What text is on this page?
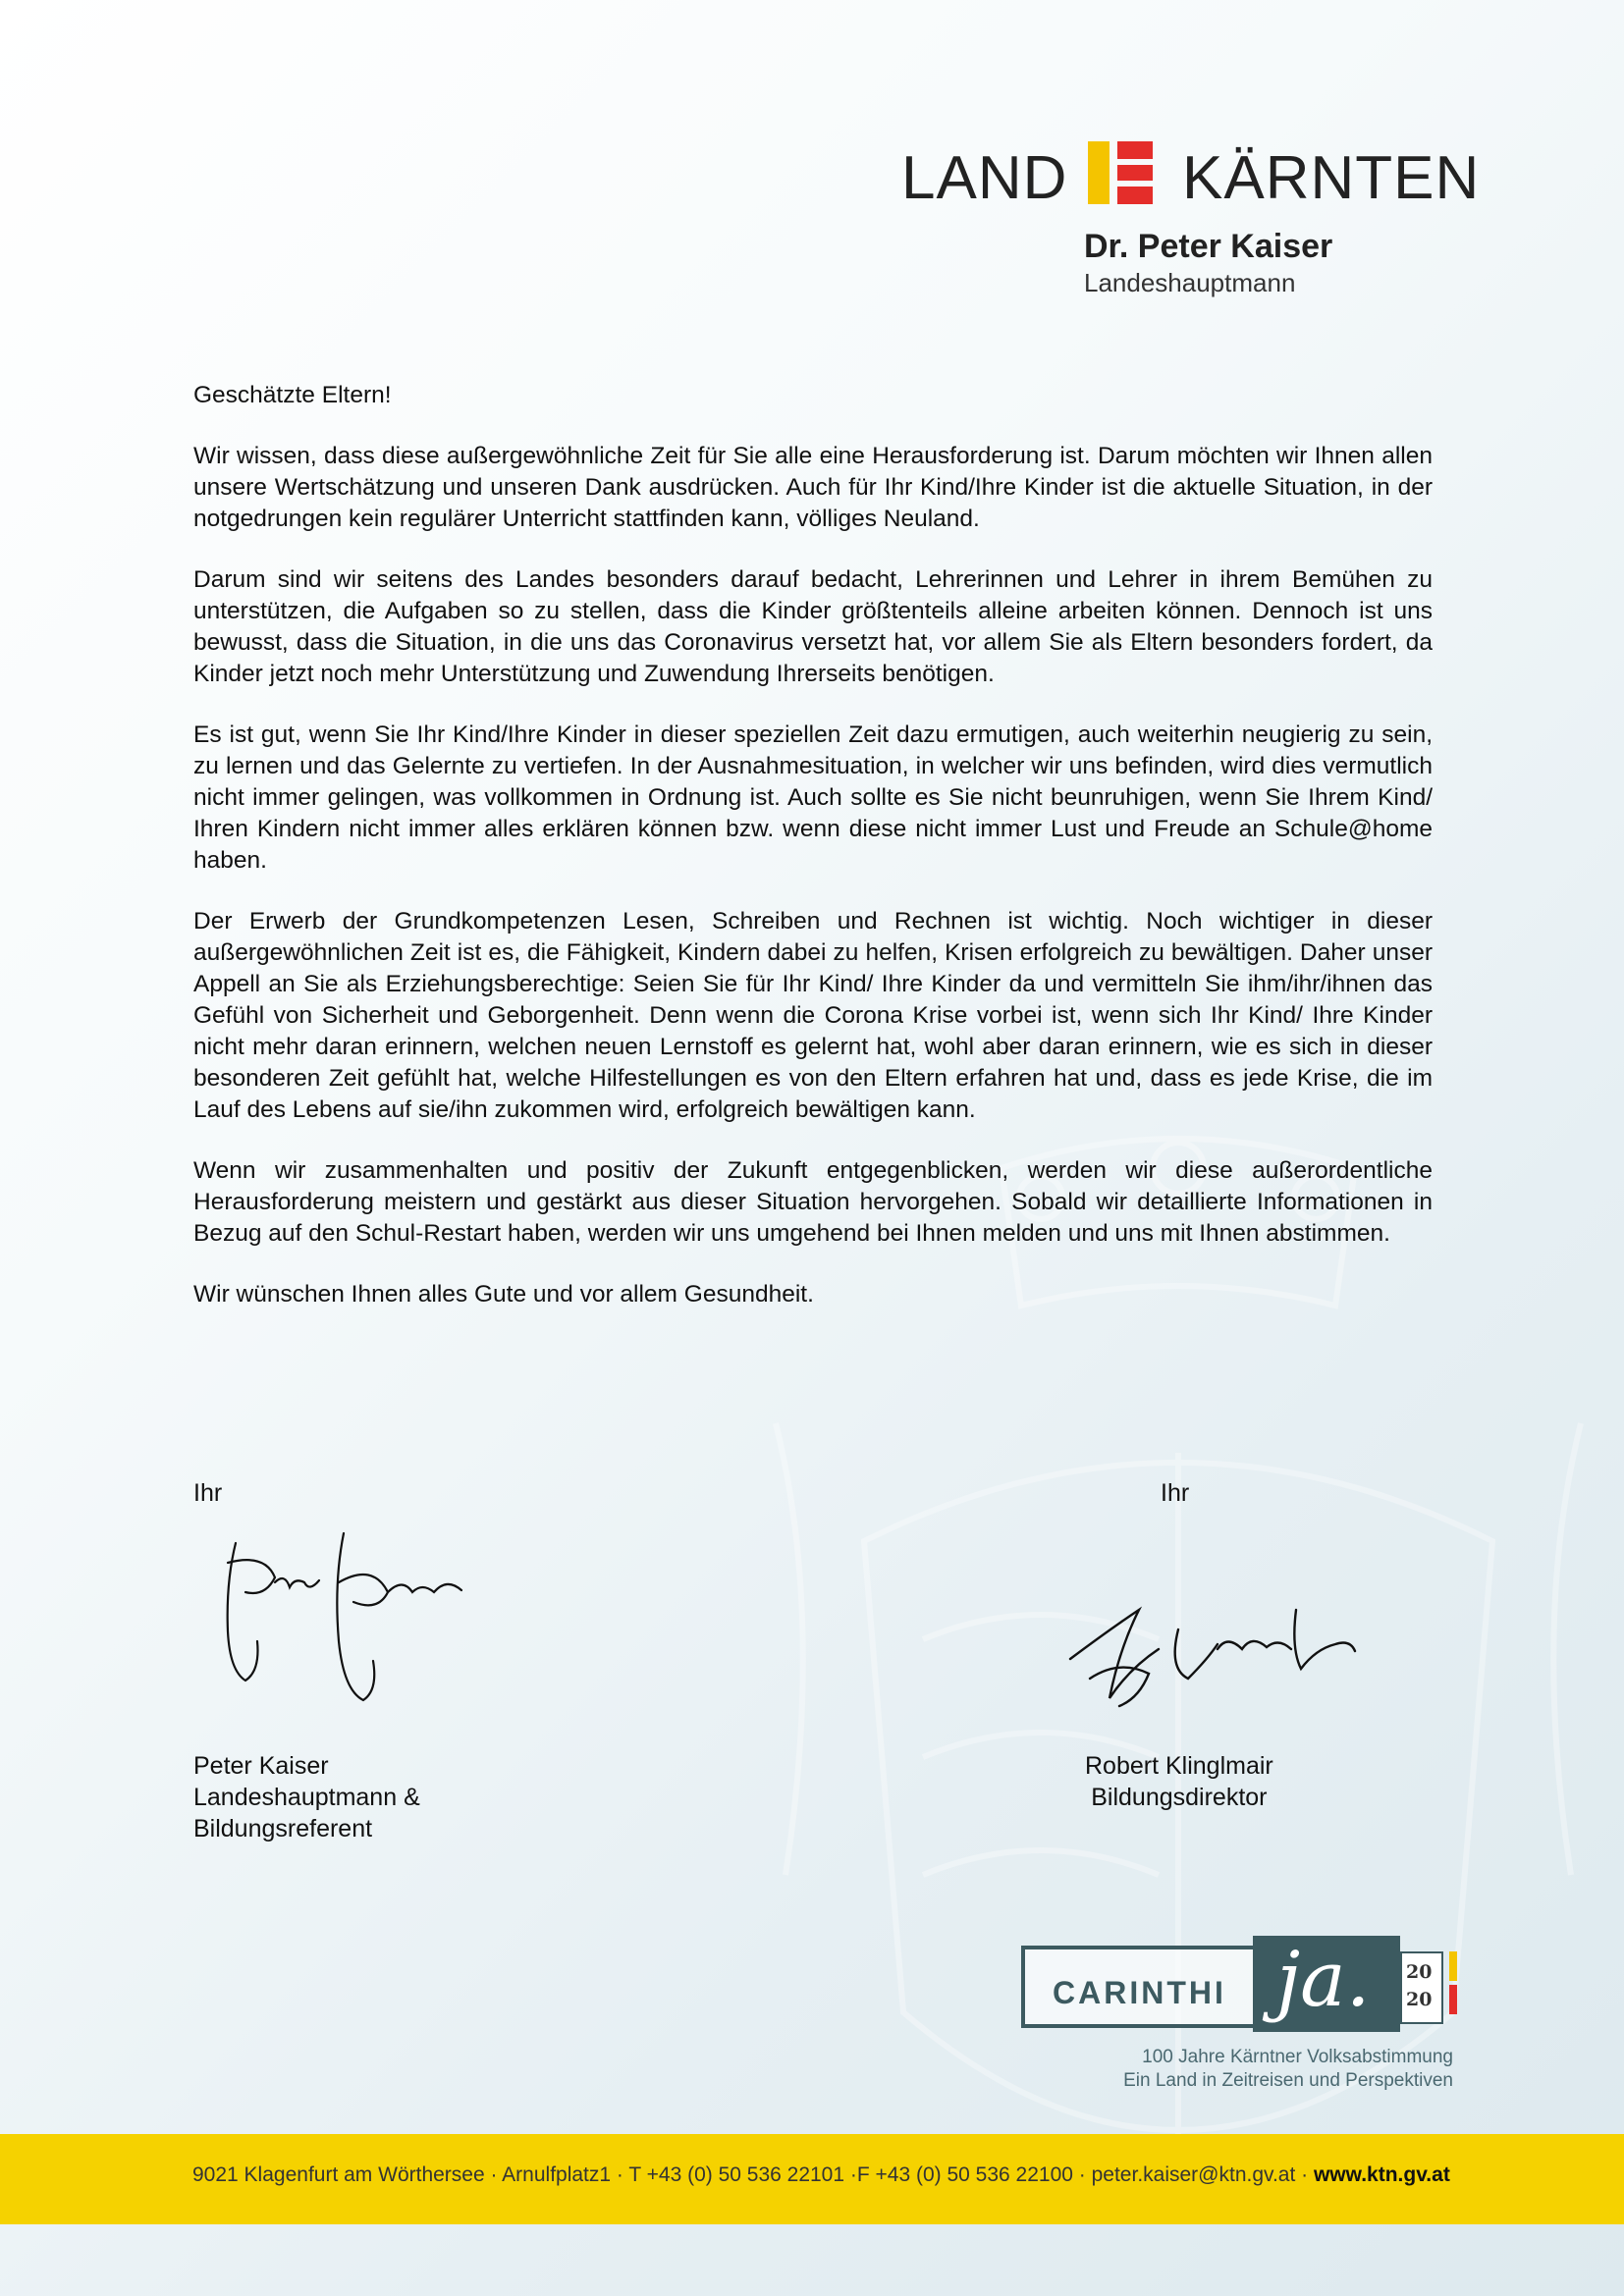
LAND KÄRNTEN
Dr. Peter Kaiser
Landeshauptmann

Geschätzte Eltern!

Wir wissen, dass diese außergewöhnliche Zeit für Sie alle eine Herausforderung ist. Darum möchten wir Ihnen allen unsere Wertschätzung und unseren Dank ausdrücken. Auch für Ihr Kind/Ihre Kinder ist die aktuelle Situation, in der notgedrungen kein regulärer Unterricht stattfinden kann, völliges Neuland.

Darum sind wir seitens des Landes besonders darauf bedacht, Lehrerinnen und Lehrer in ihrem Bemühen zu unterstützen, die Aufgaben so zu stellen, dass die Kinder größtenteils alleine arbeiten können. Dennoch ist uns bewusst, dass die Situation, in die uns das Coronavirus versetzt hat, vor allem Sie als Eltern besonders fordert, da Kinder jetzt noch mehr Unterstützung und Zuwendung Ihrerseits benötigen.

Es ist gut, wenn Sie Ihr Kind/Ihre Kinder in dieser speziellen Zeit dazu ermutigen, auch weiterhin neugierig zu sein, zu lernen und das Gelernte zu vertiefen. In der Ausnahmesituation, in welcher wir uns befinden, wird dies vermutlich nicht immer gelingen, was vollkommen in Ordnung ist. Auch sollte es Sie nicht beunruhigen, wenn Sie Ihrem Kind/ Ihren Kindern nicht immer alles erklären können bzw. wenn diese nicht immer Lust und Freude an Schule@home haben.

Der Erwerb der Grundkompetenzen Lesen, Schreiben und Rechnen ist wichtig. Noch wichtiger in dieser außergewöhnlichen Zeit ist es, die Fähigkeit, Kindern dabei zu helfen, Krisen erfolgreich zu bewältigen. Daher unser Appell an Sie als Erziehungsberechtige: Seien Sie für Ihr Kind/ Ihre Kinder da und vermitteln Sie ihm/ihr/ihnen das Gefühl von Sicherheit und Geborgenheit. Denn wenn die Corona Krise vorbei ist, wenn sich Ihr Kind/ Ihre Kinder nicht mehr daran erinnern, welchen neuen Lernstoff es gelernt hat, wohl aber daran erinnern, wie es sich in dieser besonderen Zeit gefühlt hat, welche Hilfestellungen es von den Eltern erfahren hat und, dass es jede Krise, die im Lauf des Lebens auf sie/ihn zukommen wird, erfolgreich bewältigen kann.

Wenn wir zusammenhalten und positiv der Zukunft entgegenblicken, werden wir diese außerordentliche Herausforderung meistern und gestärkt aus dieser Situation hervorgehen. Sobald wir detaillierte Informationen in Bezug auf den Schul-Restart haben, werden wir uns umgehend bei Ihnen melden und uns mit Ihnen abstimmen.

Wir wünschen Ihnen alles Gute und vor allem Gesundheit.

Ihr	Ihr
Peter Kaiser
Landeshauptmann &
Bildungsreferent
Robert Klinglmair
Bildungsdirektor
CARINTHI ja. 20
20
100 Jahre Kärntner Volksabstimmung
Ein Land in Zeitreisen und Perspektiven
9021 Klagenfurt am Wörthersee · Arnulfplatz1 · T +43 (0) 50 536 22101 ·F +43 (0) 50 536 22100 · peter.kaiser@ktn.gv.at · www.ktn.gv.at
